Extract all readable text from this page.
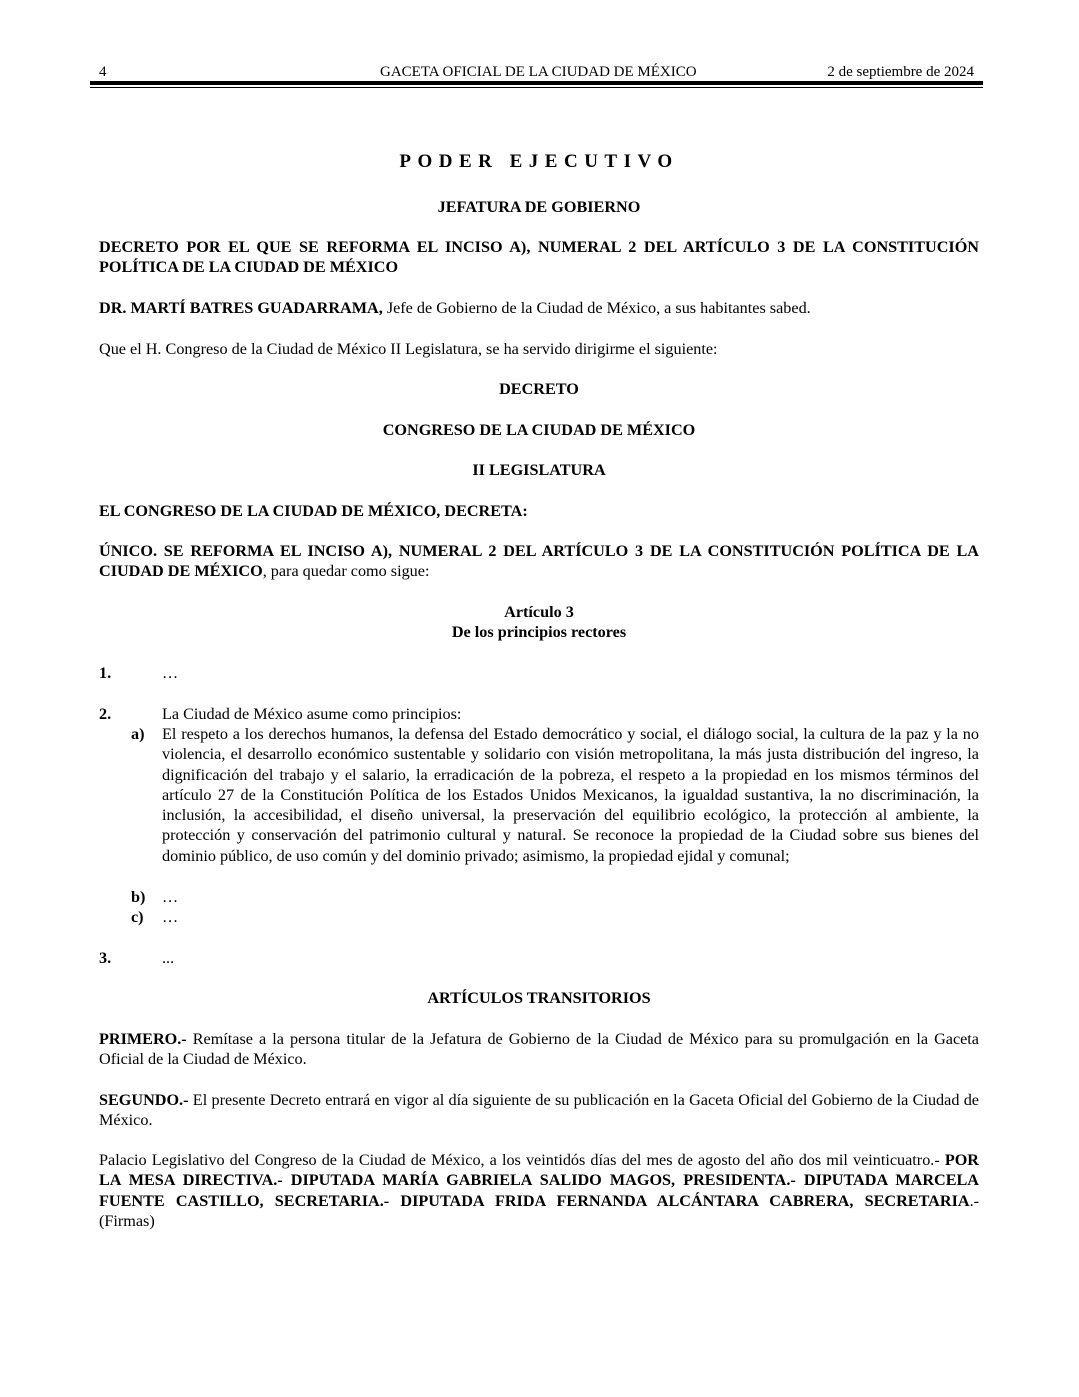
4	GACETA OFICIAL DE LA CIUDAD DE MÉXICO	2 de septiembre de 2024
PODER EJECUTIVO
JEFATURA DE GOBIERNO
DECRETO POR EL QUE SE REFORMA EL INCISO A), NUMERAL 2 DEL ARTÍCULO 3 DE LA CONSTITUCIÓN POLÍTICA DE LA CIUDAD DE MÉXICO
DR. MARTÍ BATRES GUADARRAMA, Jefe de Gobierno de la Ciudad de México, a sus habitantes sabed.
Que el H. Congreso de la Ciudad de México II Legislatura, se ha servido dirigirme el siguiente:
DECRETO
CONGRESO DE LA CIUDAD DE MÉXICO
II LEGISLATURA
EL CONGRESO DE LA CIUDAD DE MÉXICO, DECRETA:
ÚNICO. SE REFORMA EL INCISO A), NUMERAL 2 DEL ARTÍCULO 3 DE LA CONSTITUCIÓN POLÍTICA DE LA CIUDAD DE MÉXICO, para quedar como sigue:
Artículo 3
De los principios rectores
1.	…
2.	La Ciudad de México asume como principios:
a) El respeto a los derechos humanos, la defensa del Estado democrático y social, el diálogo social, la cultura de la paz y la no violencia, el desarrollo económico sustentable y solidario con visión metropolitana, la más justa distribución del ingreso, la dignificación del trabajo y el salario, la erradicación de la pobreza, el respeto a la propiedad en los mismos términos del artículo 27 de la Constitución Política de los Estados Unidos Mexicanos, la igualdad sustantiva, la no discriminación, la inclusión, la accesibilidad, el diseño universal, la preservación del equilibrio ecológico, la protección al ambiente, la protección y conservación del patrimonio cultural y natural. Se reconoce la propiedad de la Ciudad sobre sus bienes del dominio público, de uso común y del dominio privado; asimismo, la propiedad ejidal y comunal;
b) …
c) …
3.	...
ARTÍCULOS TRANSITORIOS
PRIMERO.- Remítase a la persona titular de la Jefatura de Gobierno de la Ciudad de México para su promulgación en la Gaceta Oficial de la Ciudad de México.
SEGUNDO.- El presente Decreto entrará en vigor al día siguiente de su publicación en la Gaceta Oficial del Gobierno de la Ciudad de México.
Palacio Legislativo del Congreso de la Ciudad de México, a los veintidós días del mes de agosto del año dos mil veinticuatro.- POR LA MESA DIRECTIVA.- DIPUTADA MARÍA GABRIELA SALIDO MAGOS, PRESIDENTA.- DIPUTADA MARCELA FUENTE CASTILLO, SECRETARIA.- DIPUTADA FRIDA FERNANDA ALCÁNTARA CABRERA, SECRETARIA.- (Firmas)
